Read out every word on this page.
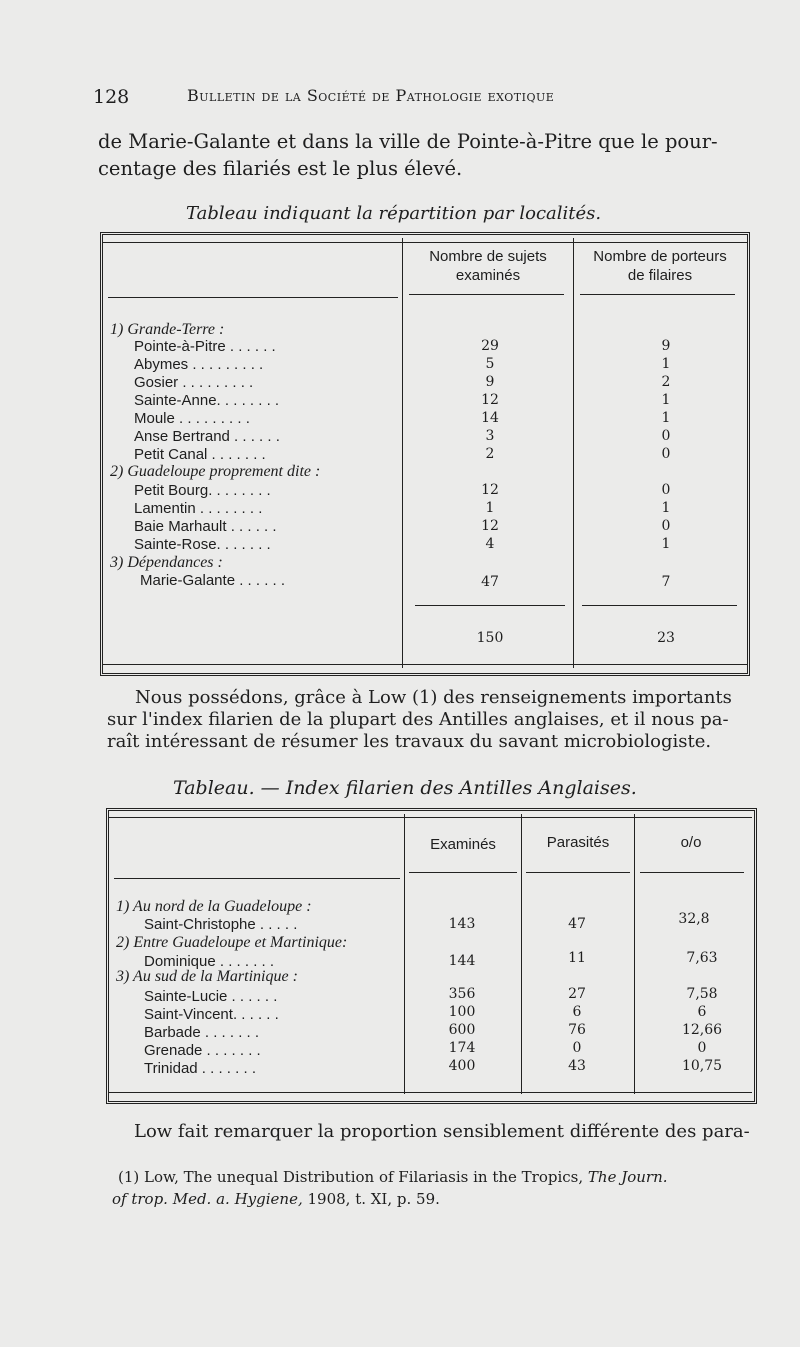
128	Bulletin de la Société de Pathologie exotique
de Marie-Galante et dans la ville de Pointe-à-Pitre que le pour-
centage des filariés est le plus élevé.
Tableau indiquant la répartition par localités.
Nombre de sujets
examinés
Nombre de porteurs
de filaires
1) Grande-Terre :
Pointe-à-Pitre . . . . . .	29	9
Abymes . . . . . . . . .	5	1
Gosier . . . . . . . . .	9	2
Sainte-Anne. . . . . . . .	12	1
Moule . . . . . . . . .	14	1
Anse Bertrand . . . . . .	3	0
Petit Canal . . . . . . .	2	0
2) Guadeloupe proprement dite :
Petit Bourg. . . . . . . .	12	0
Lamentin . . . . . . . .	1	1
Baie Marhault . . . . . .	12	0
Sainte-Rose. . . . . . .	4	1
3) Dépendances :
Marie-Galante . . . . . .	47	7
150	23
Nous possédons, grâce à Low (1) des renseignements importants
sur l'index filarien de la plupart des Antilles anglaises, et il nous pa-
raît intéressant de résumer les travaux du savant microbiologiste.
Tableau. — Index filarien des Antilles Anglaises.
Examinés	Parasités	o/o
1) Au nord de la Guadeloupe :
Saint-Christophe . . . . .	143	47	32,8
2) Entre Guadeloupe et Martinique:
Dominique . . . . . . .	144	11	7,63
3) Au sud de la Martinique :
Sainte-Lucie . . . . . .	356	27	7,58
Saint-Vincent. . . . . .	100	6	6
Barbade . . . . . . .	600	76	12,66
Grenade . . . . . . .	174	0	0
Trinidad . . . . . . .	400	43	10,75
Low fait remarquer la proportion sensiblement différente des para-
(1) Low, The unequal Distribution of Filariasis in the Tropics, The Journ.
of trop. Med. a. Hygiene, 1908, t. XI, p. 59.
